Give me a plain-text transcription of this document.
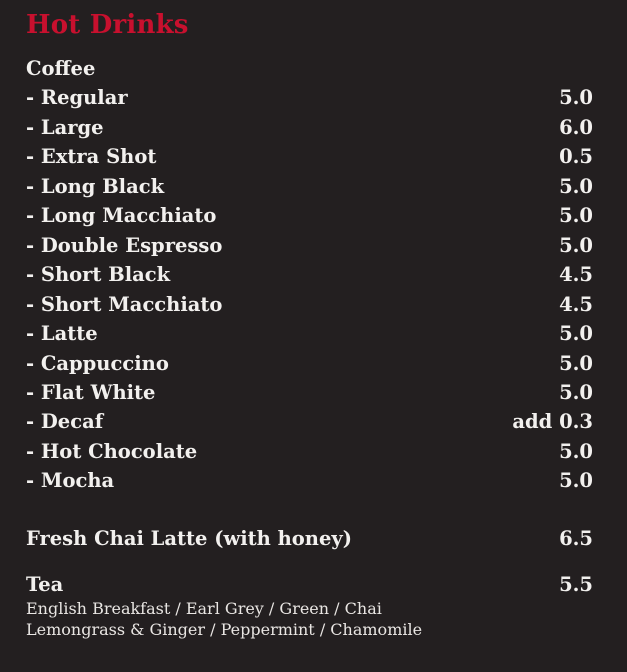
Hot Drinks
Coffee
- Regular	5.0
- Large	6.0
- Extra Shot	0.5
- Long Black	5.0
- Long Macchiato	5.0
- Double Espresso	5.0
- Short Black	4.5
- Short Macchiato	4.5
- Latte	5.0
- Cappuccino	5.0
- Flat White	5.0
- Decaf	add 0.3
- Hot Chocolate	5.0
- Mocha	5.0
Fresh Chai Latte (with honey)	6.5
Tea	5.5
English Breakfast / Earl Grey / Green / Chai
Lemongrass & Ginger / Peppermint / Chamomile
